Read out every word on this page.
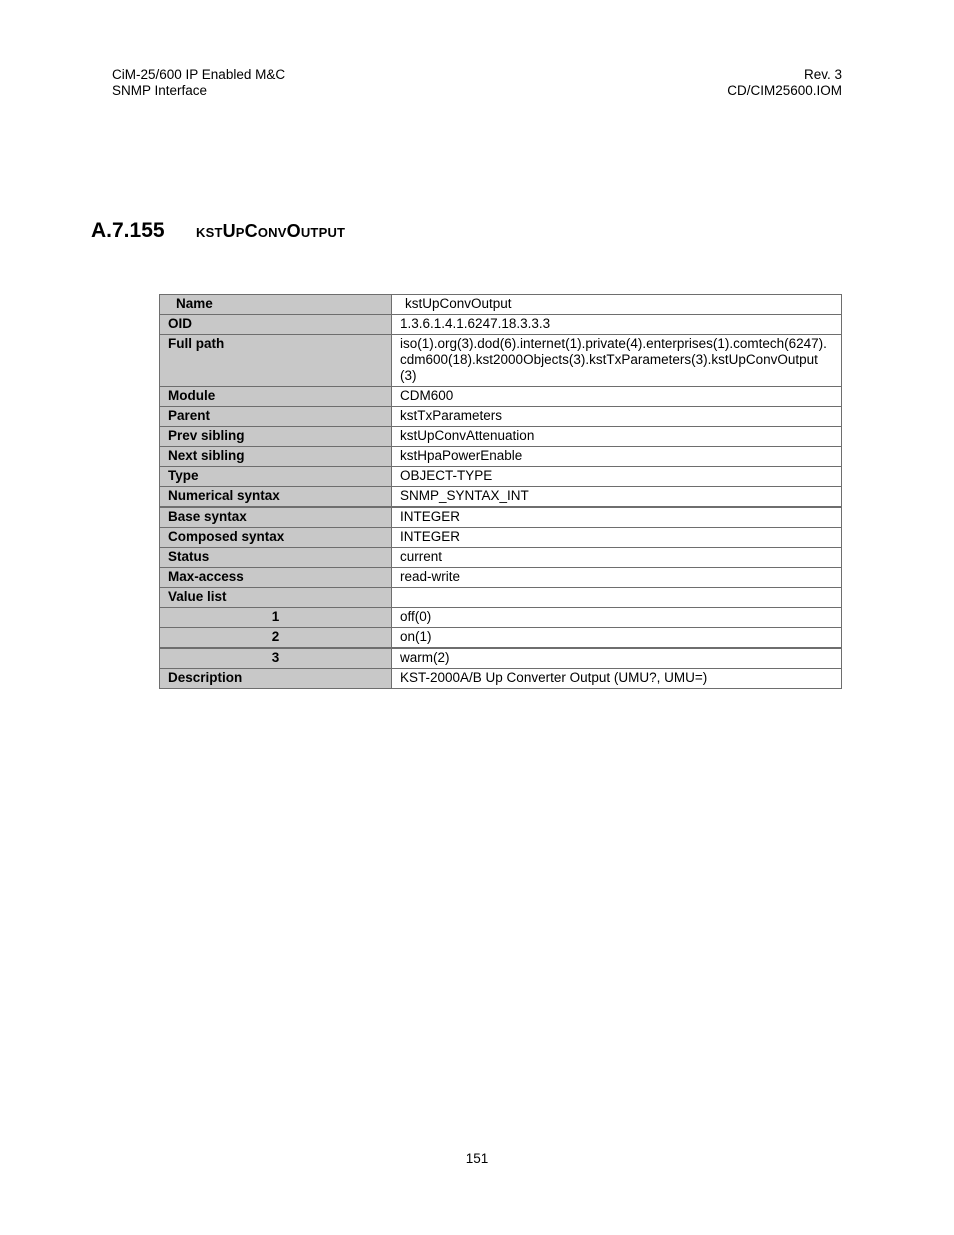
CiM-25/600 IP Enabled M&C
SNMP Interface
Rev. 3
CD/CIM25600.IOM
A.7.155 kstUpConvOutput
Name	kstUpConvOutput
OID	1.3.6.1.4.1.6247.18.3.3.3
Full path	iso(1).org(3).dod(6).internet(1).private(4).enterprises(1).comtech(6247).cdm600(18).kst2000Objects(3).kstTxParameters(3).kstUpConvOutput(3)
Module	CDM600
Parent	kstTxParameters
Prev sibling	kstUpConvAttenuation
Next sibling	kstHpaPowerEnable
Type	OBJECT-TYPE
Numerical syntax	SNMP_SYNTAX_INT
Base syntax	INTEGER
Composed syntax	INTEGER
Status	current
Max-access	read-write
Value list	
1	off(0)
2	on(1)
3	warm(2)
Description	KST-2000A/B Up Converter Output (UMU?, UMU=)
151
